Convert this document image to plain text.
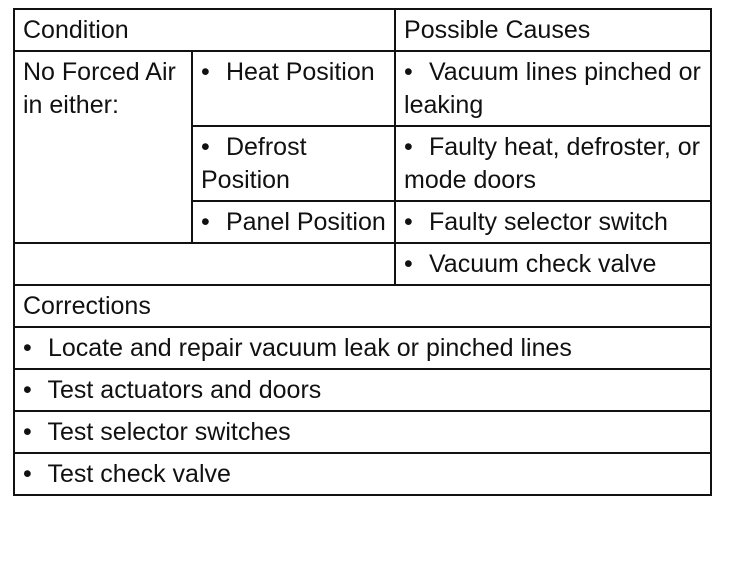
Condition		Possible Causes
No Forced Air in either:	• Heat Position	• Vacuum lines pinched or leaking
	• Defrost Position	• Faulty heat, defroster, or mode doors
	• Panel Position	• Faulty selector switch
		• Vacuum check valve
Corrections		
• Locate and repair vacuum leak or pinched lines		
• Test actuators and doors		
• Test selector switches		
• Test check valve		
